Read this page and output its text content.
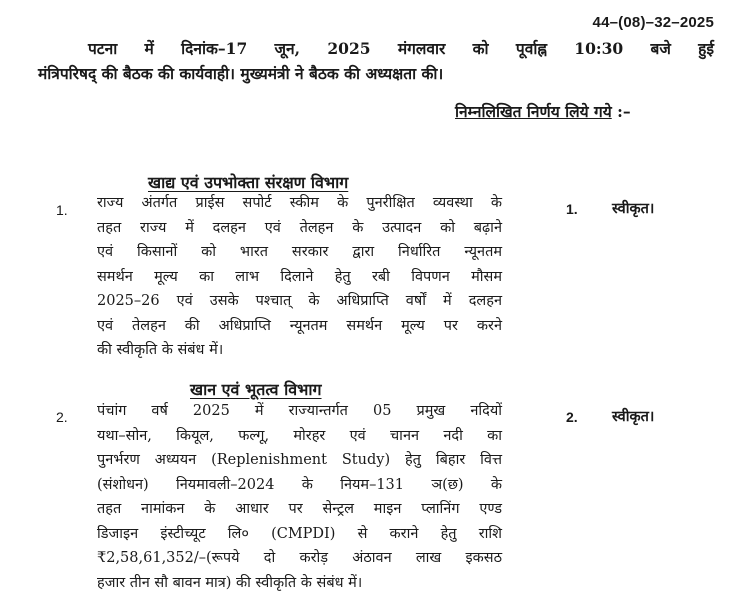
44–(08)–32–2025
पटना में दिनांक–17 जून, 2025 मंगलवार को पूर्वाह्न 10:30 बजे हुई
मंत्रिपरिषद् की बैठक की कार्यवाही। मुख्यमंत्री ने बैठक की अध्यक्षता की।
निम्नलिखित निर्णय लिये गये :–
खाद्य एवं उपभोक्ता संरक्षण विभाग
1. राज्य अंतर्गत प्राईस सपोर्ट स्कीम के पुनरीक्षित व्यवस्था के
तहत राज्य में दलहन एवं तेलहन के उत्पादन को बढ़ाने
एवं किसानों को भारत सरकार द्वारा निर्धारित न्यूनतम
समर्थन मूल्य का लाभ दिलाने हेतु रबी विपणन मौसम
2025–26 एवं उसके पश्चात् के अधिप्राप्ति वर्षों में दलहन
एवं तेलहन की अधिप्राप्ति न्यूनतम समर्थन मूल्य पर करने
की स्वीकृति के संबंध में।
1. स्वीकृत।
खान एवं भूतत्व विभाग
2. पंचांग वर्ष 2025 में राज्यान्तर्गत 05 प्रमुख नदियों
यथा–सोन, कियूल, फल्गू, मोरहर एवं चानन नदी का
पुनर्भरण अध्ययन (Replenishment Study) हेतु बिहार वित्त
(संशोधन) नियमावली–2024 के नियम–131 ञ(छ) के
तहत नामांकन के आधार पर सेन्ट्रल माइन प्लानिंग एण्ड
डिजाइन इंस्टीच्यूट लि० (CMPDI) से कराने हेतु राशि
₹2,58,61,352/–(रूपये दो करोड़ अंठावन लाख इकसठ
हजार तीन सौ बावन मात्र) की स्वीकृति के संबंध में।
2. स्वीकृत।
